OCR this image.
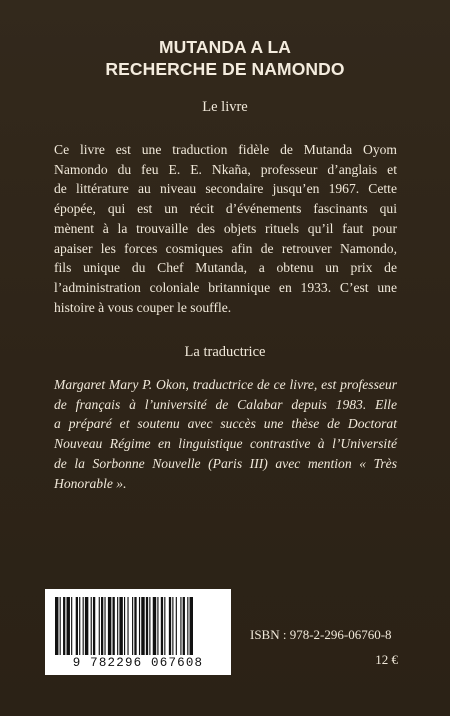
MUTANDA A LA
RECHERCHE DE NAMONDO
Le livre
Ce livre est une traduction fidèle de Mutanda Oyom
Namondo du feu E. E. Nkaña, professeur d’anglais et
de littérature au niveau secondaire jusqu’en 1967. Cette
épopée, qui est un récit d’événements fascinants qui
mènent à la trouvaille des objets rituels qu’il faut pour
apaiser les forces cosmiques afin de retrouver Namondo,
fils unique du Chef Mutanda, a obtenu un prix de
l’administration coloniale britannique en 1933. C’est une
histoire à vous couper le souffle.
La traductrice
Margaret Mary P. Okon, traductrice de ce livre, est professeur
de français à l’université de Calabar depuis 1983. Elle
a préparé et soutenu avec succès une thèse de Doctorat
Nouveau Régime en linguistique contrastive à l’Université
de la Sorbonne Nouvelle (Paris III) avec mention « Très
Honorable ».
9 782296 067608
ISBN : 978-2-296-06760-8
12 €
